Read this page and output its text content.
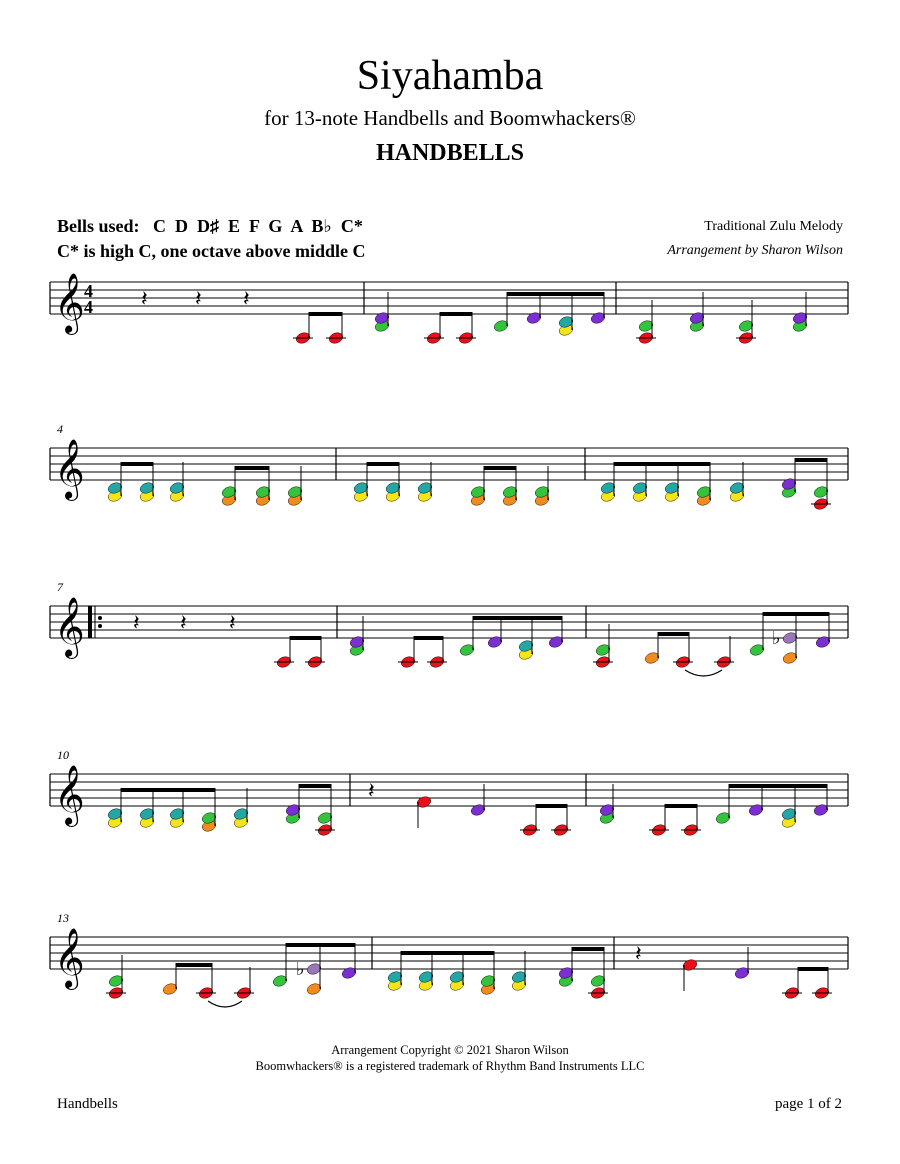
Siyahamba
for 13-note Handbells and Boomwhackers®
HANDBELLS
Bells used: C  D  D♯  E  F  G  A  B♭  C*
C* is high C, one octave above middle C
Traditional Zulu Melody
Arrangement by Sharon Wilson
𝄞 4
4
𝄞
4
𝄞
7
𝄞
10
𝄞
13
𝄽 𝄽 𝄽
𝄽 𝄽 𝄽
♭
𝄽
♭
𝄽
Arrangement Copyright © 2021 Sharon Wilson
Boomwhackers® is a registered trademark of Rhythm Band Instruments LLC
Handbells	page 1 of 2
